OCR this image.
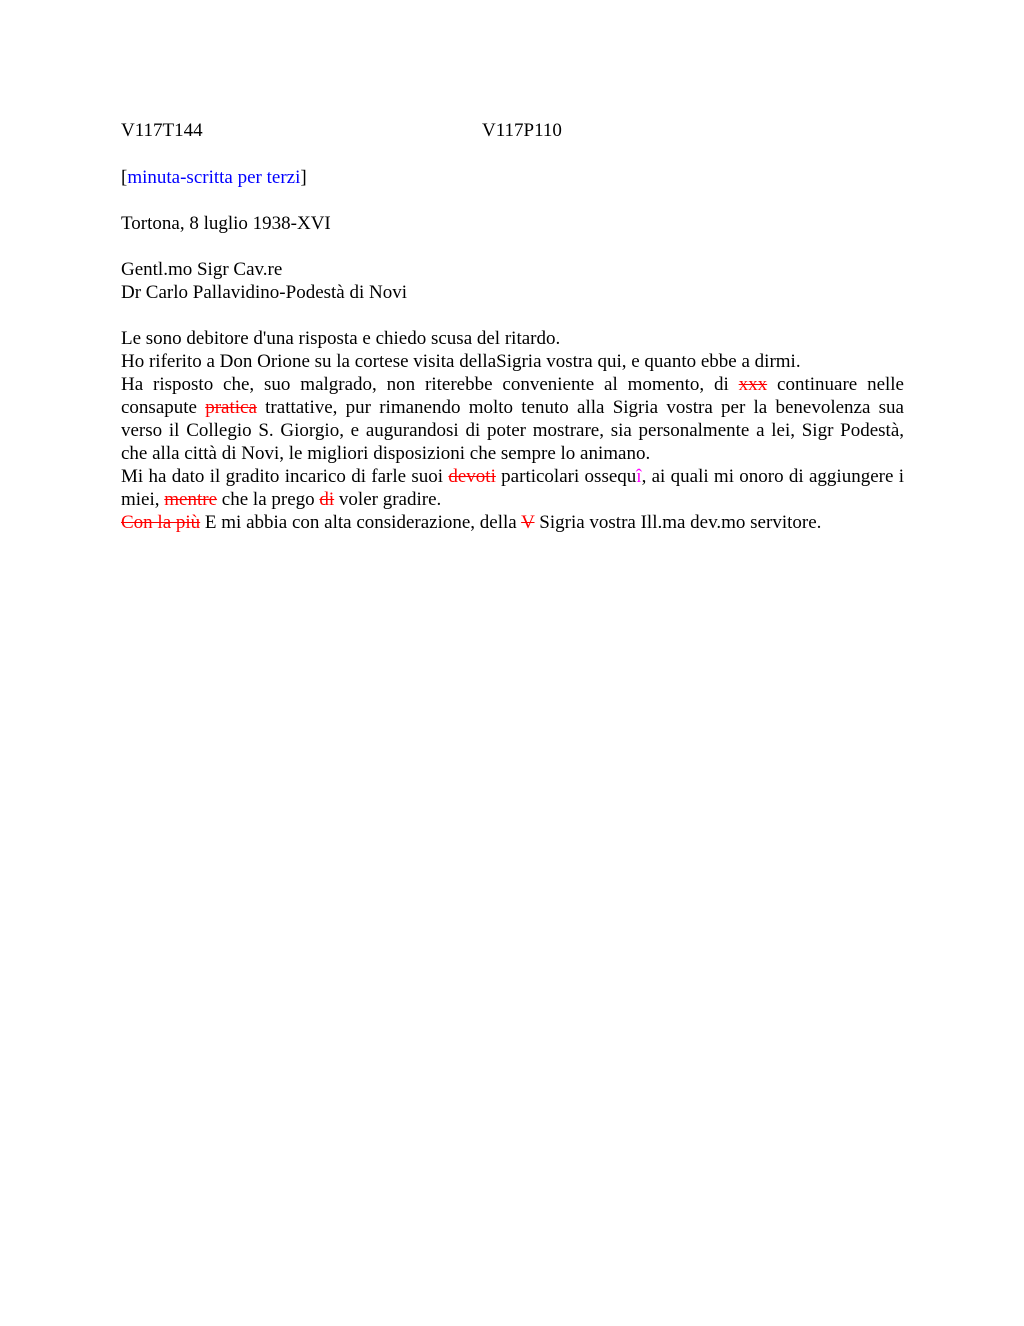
V117T144	V117P110
[minuta-scritta per terzi]
Tortona, 8 luglio 1938-XVI
Gentl.mo Sigr Cav.re
Dr Carlo Pallavidino-Podestà di Novi

Le sono debitore d'una risposta e chiedo scusa del ritardo.

Ho riferito a Don Orione su la cortese visita dellaSigria vostra qui, e quanto ebbe a dirmi.

Ha risposto che, suo malgrado, non riterebbe conveniente al momento, di xxx continuare nelle consapute pratica trattative, pur rimanendo molto tenuto alla Sigria vostra per la benevolenza sua verso il Collegio S. Giorgio, e augurandosi di poter mostrare, sia personalmente a lei, Sigr Podestà, che alla città di Novi, le migliori disposizioni che sempre lo animano.

Mi ha dato il gradito incarico di farle suoi devoti particolari ossequî, ai quali mi onoro di aggiungere i miei, mentre che la prego di voler gradire.

Con la più E mi abbia con alta considerazione, della V Sigria vostra Ill.ma dev.mo servitore.
